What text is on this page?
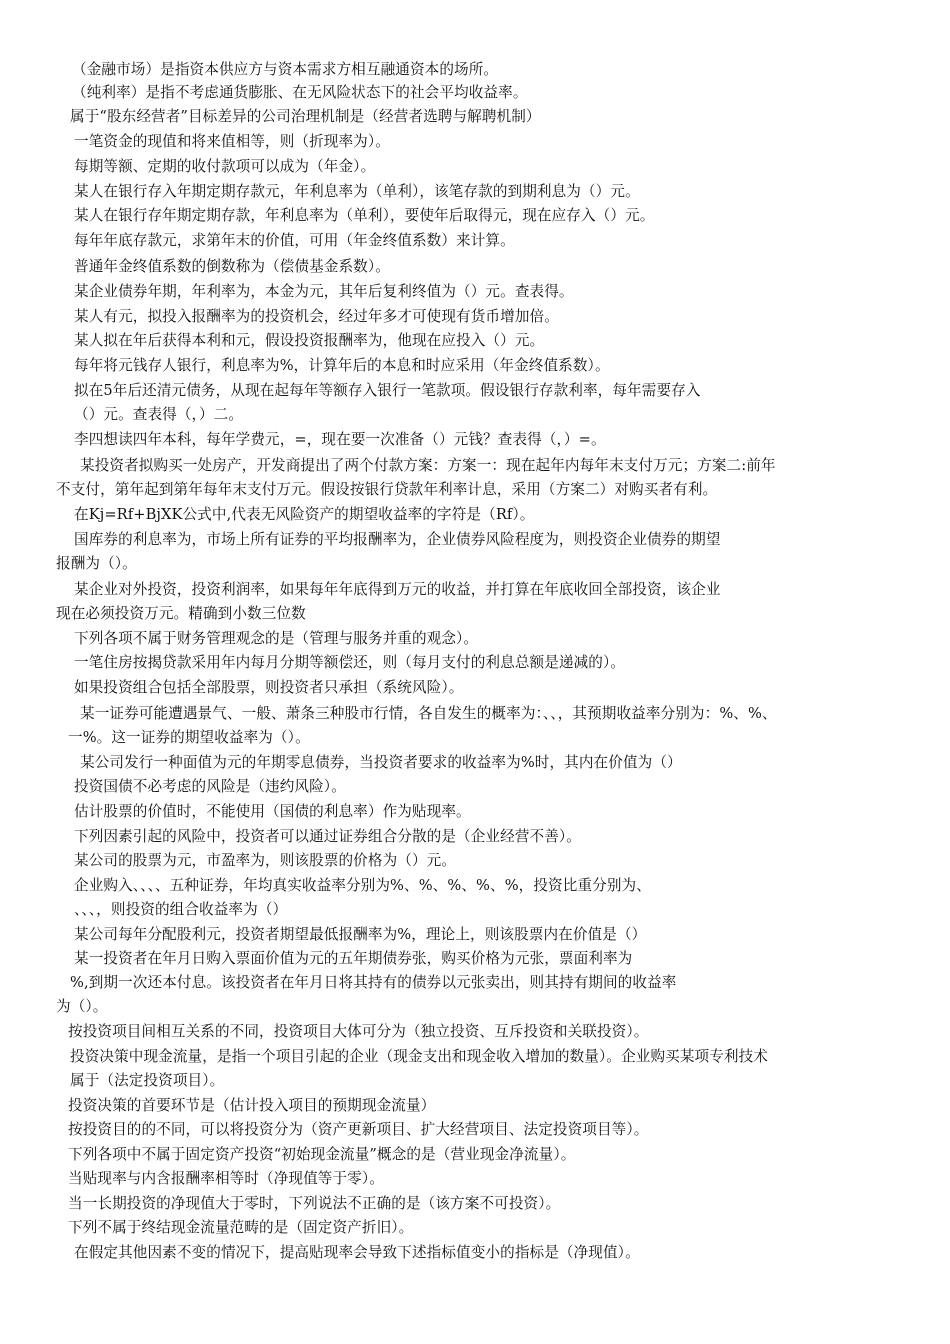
（金融市场）是指资本供应方与资本需求方相互融通资本的场所。
（纯利率）是指不考虑通货膨胀、在无风险状态下的社会平均收益率。
属于“股东经营者”目标差异的公司治理机制是（经营者选聘与解聘机制）
一笔资金的现值和将来值相等，则（折现率为）。
每期等额、定期的收付款项可以成为（年金）。
某人在银行存入年期定期存款元，年利息率为（单利），该笔存款的到期利息为（）元。
某人在银行存年期定期存款，年利息率为（单利），要使年后取得元，现在应存入（）元。
每年年底存款元，求第年末的价值，可用（年金终值系数）来计算。
普通年金终值系数的倒数称为（偿债基金系数）。
某企业债券年期，年利率为，本金为元，其年后复利终值为（）元。查表得。
某人有元，拟投入报酬率为的投资机会，经过年多才可使现有货币增加倍。
某人拟在年后获得本利和元，假设投资报酬率为，他现在应投入（）元。
每年将元钱存人银行，利息率为%，计算年后的本息和时应采用（年金终值系数）。
拟在5年后还清元债务，从现在起每年等额存入银行一笔款项。假设银行存款利率，每年需要存入
（）元。查表得（，）二。
李四想读四年本科，每年学费元，=，现在要一次准备（）元钱？查表得（，）=。
某投资者拟购买一处房产，开发商提出了两个付款方案：方案一：现在起年内每年末支付万元；方案二:前年
不支付，第年起到第年每年末支付万元。假设按银行贷款年利率计息，采用（方案二）对购买者有利。
在Kj=Rf+BjXK公式中,代表无风险资产的期望收益率的字符是（Rf）。
国库券的利息率为，市场上所有证券的平均报酬率为，企业债券风险程度为，则投资企业债券的期望
报酬为（）。
某企业对外投资，投资利润率，如果每年年底得到万元的收益，并打算在年底收回全部投资，该企业
现在必须投资万元。精确到小数三位数
下列各项不属于财务管理观念的是（管理与服务并重的观念）。
一笔住房按揭贷款采用年内每月分期等额偿还，则（每月支付的利息总额是递减的）。
如果投资组合包括全部股票，则投资者只承担（系统风险）。
某一证券可能遭遇景气、一般、萧条三种股市行情，各自发生的概率为：、、，其预期收益率分别为：%、%、
一%。这一证券的期望收益率为（）。
某公司发行一种面值为元的年期零息债券，当投资者要求的收益率为%时，其内在价值为（）
投资国债不必考虑的风险是（违约风险）。
估计股票的价值时，不能使用（国债的利息率）作为贴现率。
下列因素引起的风险中，投资者可以通过证券组合分散的是（企业经营不善）。
某公司的股票为元，市盈率为，则该股票的价格为（）元。
企业购入、、、、五种证券，年均真实收益率分别为%、%、%、%、%，投资比重分别为、
、、、，则投资的组合收益率为（）
某公司每年分配股利元，投资者期望最低报酬率为%，理论上，则该股票内在价值是（）
某一投资者在年月日购入票面价值为元的五年期债券张，购买价格为元张，票面利率为
%,到期一次还本付息。该投资者在年月日将其持有的债券以元张卖出，则其持有期间的收益率
为（）。
按投资项目间相互关系的不同，投资项目大体可分为（独立投资、互斥投资和关联投资）。
投资决策中现金流量，是指一个项目引起的企业（现金支出和现金收入增加的数量）。企业购买某项专利技术
属于（法定投资项目）。
投资决策的首要环节是（估计投入项目的预期现金流量）
按投资目的的不同，可以将投资分为（资产更新项目、扩大经营项目、法定投资项目等）。
下列各项中不属于固定资产投资“初始现金流量”概念的是（营业现金净流量）。
当贴现率与内含报酬率相等时（净现值等于零）。
当一长期投资的净现值大于零时，下列说法不正确的是（该方案不可投资）。
下列不属于终结现金流量范畴的是（固定资产折旧）。
在假定其他因素不变的情况下，提高贴现率会导致下述指标值变小的指标是（净现值）。
